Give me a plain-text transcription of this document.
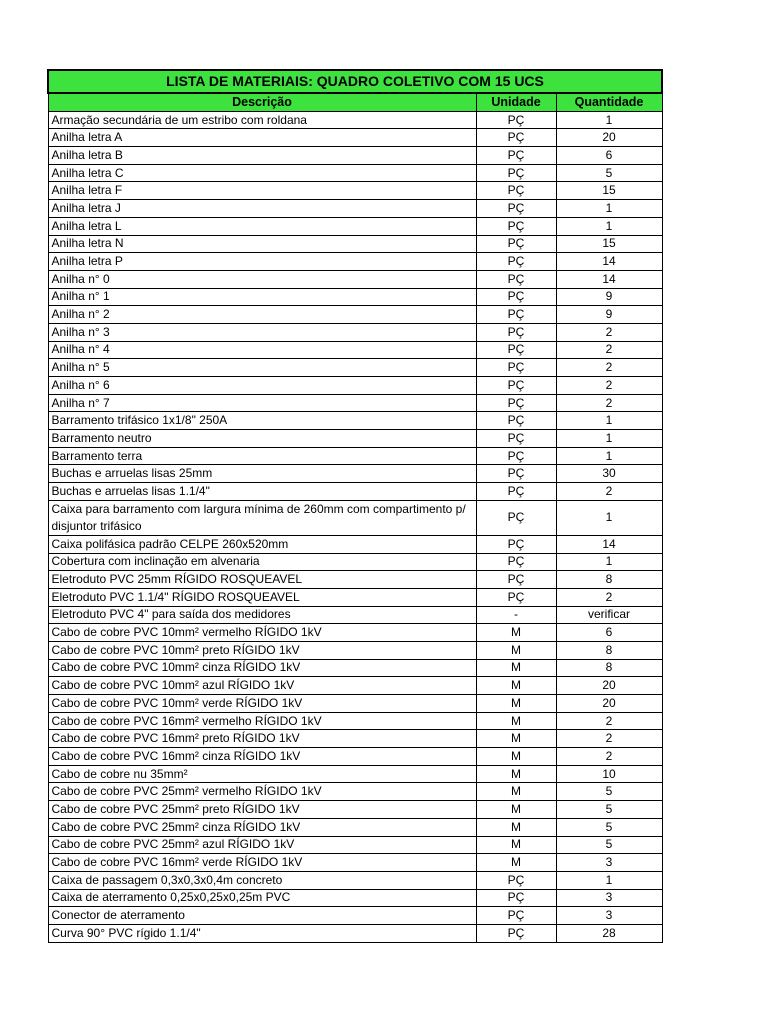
LISTA DE MATERIAIS: QUADRO COLETIVO COM 15 UCS		
Descrição	Unidade	Quantidade
Armação secundária de um estribo com roldana	PÇ	1
Anilha letra A	PÇ	20
Anilha letra B	PÇ	6
Anilha letra C	PÇ	5
Anilha letra F	PÇ	15
Anilha letra J	PÇ	1
Anilha letra L	PÇ	1
Anilha letra N	PÇ	15
Anilha letra P	PÇ	14
Anilha n° 0	PÇ	14
Anilha n° 1	PÇ	9
Anilha n° 2	PÇ	9
Anilha n° 3	PÇ	2
Anilha n° 4	PÇ	2
Anilha n° 5	PÇ	2
Anilha n° 6	PÇ	2
Anilha n° 7	PÇ	2
Barramento trifásico 1x1/8" 250A	PÇ	1
Barramento neutro	PÇ	1
Barramento terra	PÇ	1
Buchas e arruelas lisas 25mm	PÇ	30
Buchas e arruelas lisas 1.1/4"	PÇ	2
Caixa para barramento com largura mínima de 260mm com compartimento p/ disjuntor trifásico	PÇ	1
Caixa polifásica padrão CELPE 260x520mm	PÇ	14
Cobertura com inclinação em alvenaria	PÇ	1
Eletroduto PVC 25mm RÍGIDO ROSQUEAVEL	PÇ	8
Eletroduto PVC 1.1/4" RÍGIDO ROSQUEAVEL	PÇ	2
Eletroduto PVC 4" para saída dos medidores	-	verificar
Cabo de cobre PVC 10mm² vermelho RÍGIDO 1kV	M	6
Cabo de cobre PVC 10mm² preto RÍGIDO 1kV	M	8
Cabo de cobre PVC 10mm² cinza RÍGIDO 1kV	M	8
Cabo de cobre PVC 10mm² azul RÍGIDO 1kV	M	20
Cabo de cobre PVC 10mm² verde RÍGIDO 1kV	M	20
Cabo de cobre PVC 16mm² vermelho RÍGIDO 1kV	M	2
Cabo de cobre PVC 16mm² preto RÍGIDO 1kV	M	2
Cabo de cobre PVC 16mm² cinza RÍGIDO 1kV	M	2
Cabo de cobre nu 35mm²	M	10
Cabo de cobre PVC 25mm² vermelho RÍGIDO 1kV	M	5
Cabo de cobre PVC 25mm² preto RÍGIDO 1kV	M	5
Cabo de cobre PVC 25mm² cinza RÍGIDO 1kV	M	5
Cabo de cobre PVC 25mm² azul RÍGIDO 1kV	M	5
Cabo de cobre PVC 16mm² verde RÍGIDO 1kV	M	3
Caixa de passagem 0,3x0,3x0,4m concreto	PÇ	1
Caixa de aterramento 0,25x0,25x0,25m PVC	PÇ	3
Conector de aterramento	PÇ	3
Curva 90° PVC rígido 1.1/4"	PÇ	28
